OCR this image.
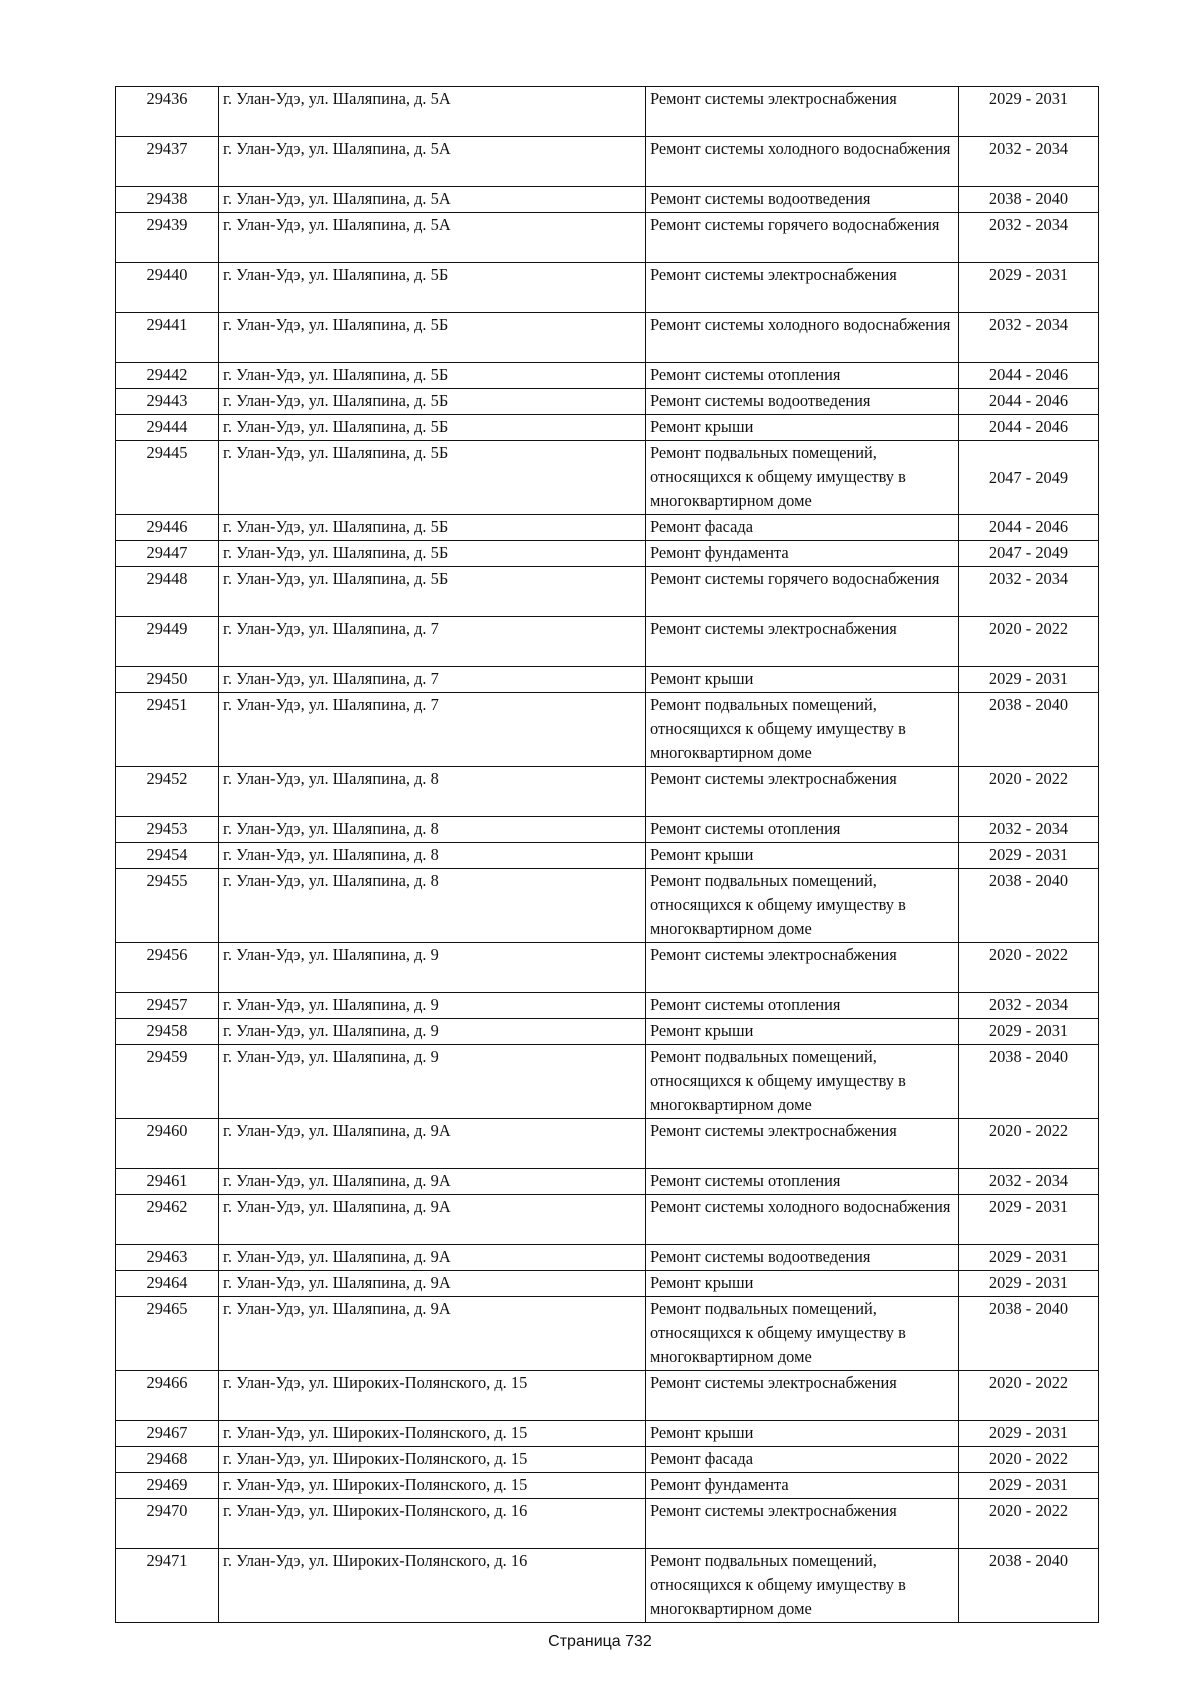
29436	г. Улан-Удэ, ул. Шаляпина, д. 5А	Ремонт системы электроснабжения	2029 - 2031
29437	г. Улан-Удэ, ул. Шаляпина, д. 5А	Ремонт системы холодного водоснабжения	2032 - 2034
29438	г. Улан-Удэ, ул. Шаляпина, д. 5А	Ремонт системы водоотведения	2038 - 2040
29439	г. Улан-Удэ, ул. Шаляпина, д. 5А	Ремонт системы горячего водоснабжения	2032 - 2034
29440	г. Улан-Удэ, ул. Шаляпина, д. 5Б	Ремонт системы электроснабжения	2029 - 2031
29441	г. Улан-Удэ, ул. Шаляпина, д. 5Б	Ремонт системы холодного водоснабжения	2032 - 2034
29442	г. Улан-Удэ, ул. Шаляпина, д. 5Б	Ремонт системы отопления	2044 - 2046
29443	г. Улан-Удэ, ул. Шаляпина, д. 5Б	Ремонт системы водоотведения	2044 - 2046
29444	г. Улан-Удэ, ул. Шаляпина, д. 5Б	Ремонт крыши	2044 - 2046
29445	г. Улан-Удэ, ул. Шаляпина, д. 5Б	Ремонт подвальных помещений, относящихся к общему имуществу в многоквартирном доме	2047 - 2049
29446	г. Улан-Удэ, ул. Шаляпина, д. 5Б	Ремонт фасада	2044 - 2046
29447	г. Улан-Удэ, ул. Шаляпина, д. 5Б	Ремонт фундамента	2047 - 2049
29448	г. Улан-Удэ, ул. Шаляпина, д. 5Б	Ремонт системы горячего водоснабжения	2032 - 2034
29449	г. Улан-Удэ, ул. Шаляпина, д. 7	Ремонт системы электроснабжения	2020 - 2022
29450	г. Улан-Удэ, ул. Шаляпина, д. 7	Ремонт крыши	2029 - 2031
29451	г. Улан-Удэ, ул. Шаляпина, д. 7	Ремонт подвальных помещений, относящихся к общему имуществу в многоквартирном доме	2038 - 2040
29452	г. Улан-Удэ, ул. Шаляпина, д. 8	Ремонт системы электроснабжения	2020 - 2022
29453	г. Улан-Удэ, ул. Шаляпина, д. 8	Ремонт системы отопления	2032 - 2034
29454	г. Улан-Удэ, ул. Шаляпина, д. 8	Ремонт крыши	2029 - 2031
29455	г. Улан-Удэ, ул. Шаляпина, д. 8	Ремонт подвальных помещений, относящихся к общему имуществу в многоквартирном доме	2038 - 2040
29456	г. Улан-Удэ, ул. Шаляпина, д. 9	Ремонт системы электроснабжения	2020 - 2022
29457	г. Улан-Удэ, ул. Шаляпина, д. 9	Ремонт системы отопления	2032 - 2034
29458	г. Улан-Удэ, ул. Шаляпина, д. 9	Ремонт крыши	2029 - 2031
29459	г. Улан-Удэ, ул. Шаляпина, д. 9	Ремонт подвальных помещений, относящихся к общему имуществу в многоквартирном доме	2038 - 2040
29460	г. Улан-Удэ, ул. Шаляпина, д. 9А	Ремонт системы электроснабжения	2020 - 2022
29461	г. Улан-Удэ, ул. Шаляпина, д. 9А	Ремонт системы отопления	2032 - 2034
29462	г. Улан-Удэ, ул. Шаляпина, д. 9А	Ремонт системы холодного водоснабжения	2029 - 2031
29463	г. Улан-Удэ, ул. Шаляпина, д. 9А	Ремонт системы водоотведения	2029 - 2031
29464	г. Улан-Удэ, ул. Шаляпина, д. 9А	Ремонт крыши	2029 - 2031
29465	г. Улан-Удэ, ул. Шаляпина, д. 9А	Ремонт подвальных помещений, относящихся к общему имуществу в многоквартирном доме	2038 - 2040
29466	г. Улан-Удэ, ул. Широких-Полянского, д. 15	Ремонт системы электроснабжения	2020 - 2022
29467	г. Улан-Удэ, ул. Широких-Полянского, д. 15	Ремонт крыши	2029 - 2031
29468	г. Улан-Удэ, ул. Широких-Полянского, д. 15	Ремонт фасада	2020 - 2022
29469	г. Улан-Удэ, ул. Широких-Полянского, д. 15	Ремонт фундамента	2029 - 2031
29470	г. Улан-Удэ, ул. Широких-Полянского, д. 16	Ремонт системы электроснабжения	2020 - 2022
29471	г. Улан-Удэ, ул. Широких-Полянского, д. 16	Ремонт подвальных помещений, относящихся к общему имуществу в многоквартирном доме	2038 - 2040
Страница 732
